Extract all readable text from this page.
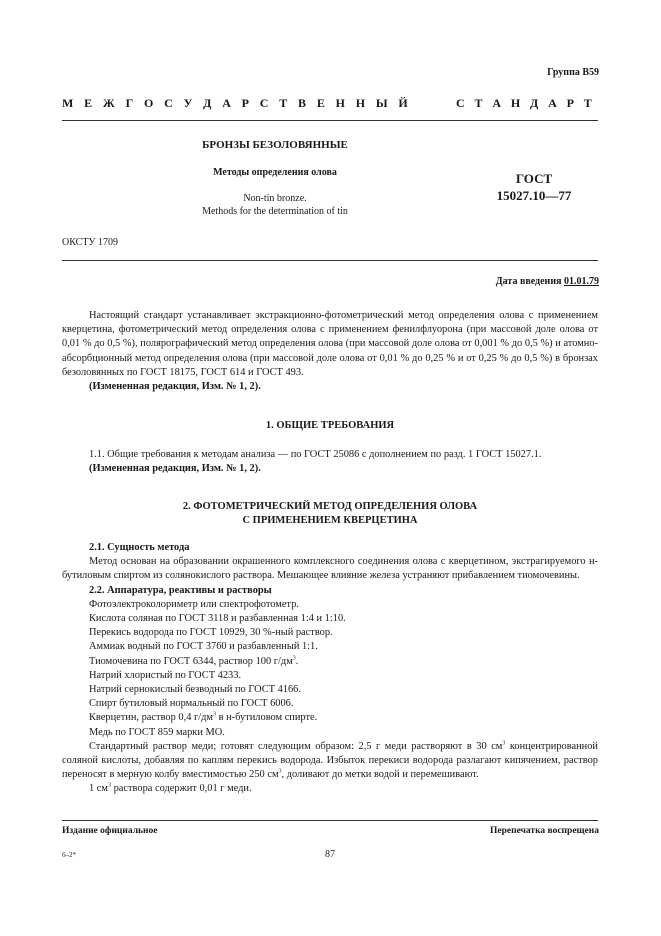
Группа В59
М Е Ж Г О С У Д А Р С Т В Е Н Н Ы Й	С Т А Н Д А Р Т
БРОНЗЫ БЕЗОЛОВЯННЫЕ
Методы определения олова
Non-tin bronze.
Methods for the determination of tin
ГОСТ
15027.10—77
ОКСТУ 1709
Дата введения 01.01.79

Настоящий стандарт устанавливает экстракционно-фотометрический метод определения олова с применением кверцетина, фотометрический метод определения олова с применением фенилфлуорона (при массовой доле олова от 0,01 % до 0,5 %), полярографический метод определения олова (при массовой доле олова от 0,001 % до 0,5 %) и атомно-абсорбционный метод определения олова (при массовой доле олова от 0,01 % до 0,25 % и от 0,25 % до 0,5 %) в бронзах безоловянных по ГОСТ 18175, ГОСТ 614 и ГОСТ 493.

(Измененная редакция, Изм. № 1, 2).

1. ОБЩИЕ ТРЕБОВАНИЯ

1.1. Общие требования к методам анализа — по ГОСТ 25086 с дополнением по разд. 1 ГОСТ 15027.1.

(Измененная редакция, Изм. № 1, 2).

2. ФОТОМЕТРИЧЕСКИЙ МЕТОД ОПРЕДЕЛЕНИЯ ОЛОВА
С ПРИМЕНЕНИЕМ КВЕРЦЕТИНА

2.1. Сущность метода

Метод основан на образовании окрашенного комплексного соединения олова с кверцетином, экстрагируемого н-бутиловым спиртом из солянокислого раствора. Мешающее влияние железа устраняют прибавлением тиомочевины.

2.2. Аппаратура, реактивы и растворы

Фотоэлектроколориметр или спектрофотометр.

Кислота соляная по ГОСТ 3118 и разбавленная 1:4 и 1:10.

Перекись водорода по ГОСТ 10929, 30 %-ный раствор.

Аммиак водный по ГОСТ 3760 и разбавленный 1:1.

Тиомочевина по ГОСТ 6344, раствор 100 $г/дм^3$.

Натрий хлористый по ГОСТ 4233.

Натрий сернокислый безводный по ГОСТ 4166.

Спирт бутиловый нормальный по ГОСТ 6006.

Кверцетин, раствор 0,4 $г/дм^3$ в н-бутиловом спирте.

Медь по ГОСТ 859 марки МО.

Стандартный раствор меди; готовят следующим образом: 2,5 г меди растворяют в 30 $см^3$ концентрированной соляной кислоты, добавляя по каплям перекись водорода. Избыток перекиси водорода разлагают кипячением, раствор переносят в мерную колбу вместимостью 250 $см^3$, доливают до метки водой и перемешивают.

1 $см^3$ раствора содержит 0,01 г меди.

Издание официальное	Перепечатка воспрещена
6–2*	87
